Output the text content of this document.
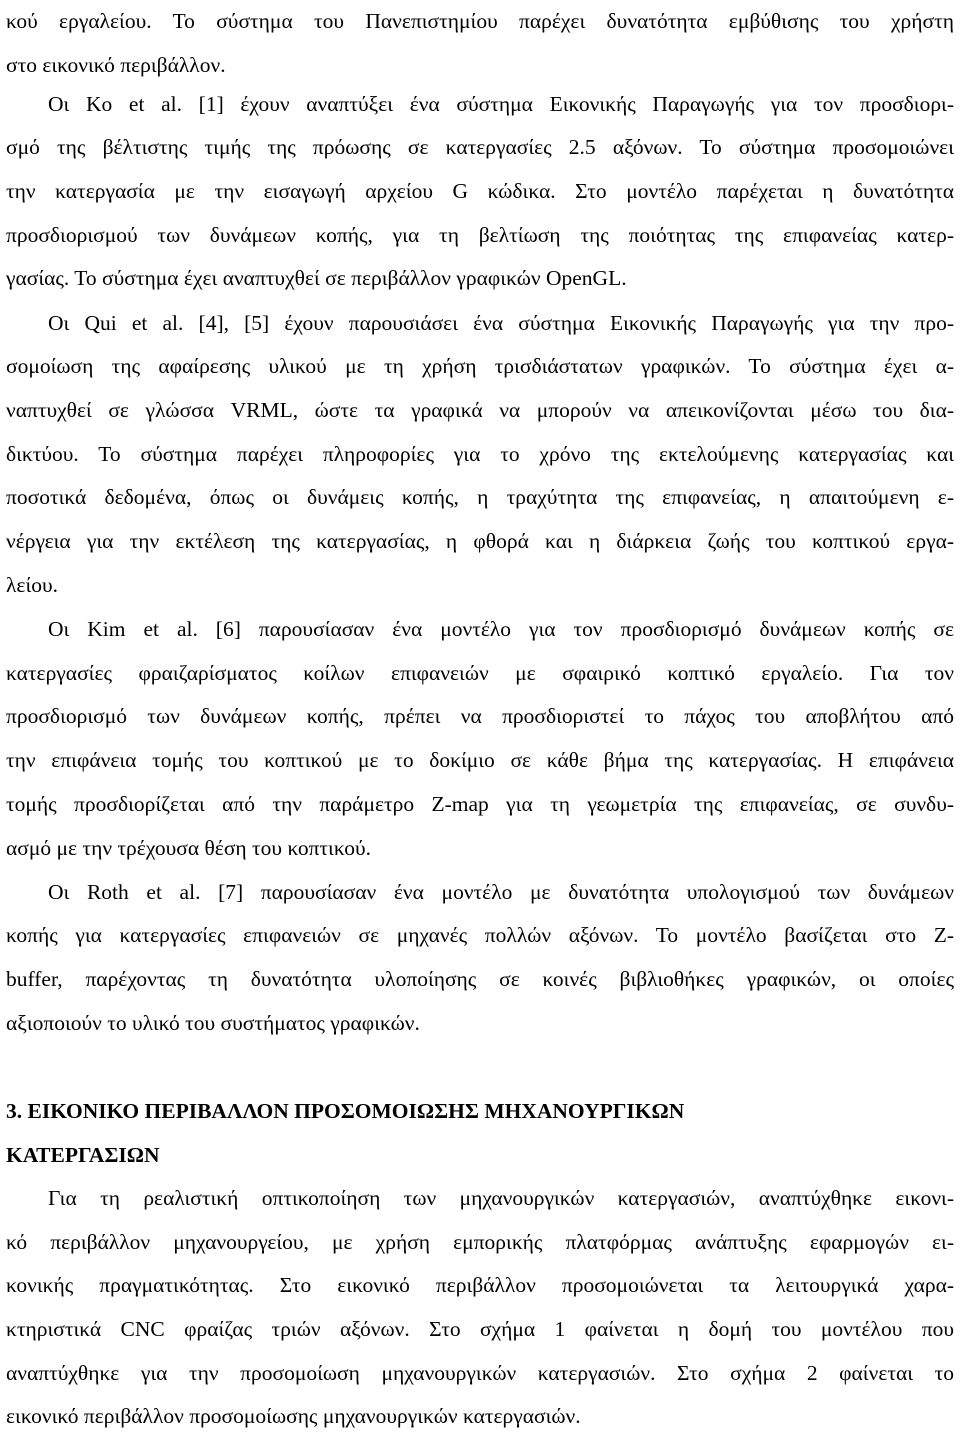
κού εργαλείου. Το σύστημα του Πανεπιστημίου παρέχει δυνατότητα εμβύθισης του χρήστη
στο εικονικό περιβάλλον.
Οι Ko et al. [1] έχουν αναπτύξει ένα σύστημα Εικονικής Παραγωγής για τον προσδιορι-
σμό της βέλτιστης τιμής της πρόωσης σε κατεργασίες 2.5 αξόνων. Το σύστημα προσομοιώνει
την κατεργασία με την εισαγωγή αρχείου G κώδικα. Στο μοντέλο παρέχεται η δυνατότητα
προσδιορισμού των δυνάμεων κοπής, για τη βελτίωση της ποιότητας της επιφανείας κατερ-
γασίας. Το σύστημα έχει αναπτυχθεί σε περιβάλλον γραφικών OpenGL.
Οι Qui et al. [4], [5] έχουν παρουσιάσει ένα σύστημα Εικονικής Παραγωγής για την προ-
σομοίωση της αφαίρεσης υλικού με τη χρήση τρισδιάστατων γραφικών. Το σύστημα έχει α-
ναπτυχθεί σε γλώσσα VRML, ώστε τα γραφικά να μπορούν να απεικονίζονται μέσω του δια-
δικτύου. Το σύστημα παρέχει πληροφορίες για το χρόνο της εκτελούμενης κατεργασίας και
ποσοτικά δεδομένα, όπως οι δυνάμεις κοπής, η τραχύτητα της επιφανείας, η απαιτούμενη ε-
νέργεια για την εκτέλεση της κατεργασίας, η φθορά και η διάρκεια ζωής του κοπτικού εργα-
λείου.
Οι Kim et al. [6] παρουσίασαν ένα μοντέλο για τον προσδιορισμό δυνάμεων κοπής σε
κατεργασίες φραιζαρίσματος κοίλων επιφανειών με σφαιρικό κοπτικό εργαλείο. Για τον
προσδιορισμό των δυνάμεων κοπής, πρέπει να προσδιοριστεί το πάχος του αποβλήτου από
την επιφάνεια τομής του κοπτικού με το δοκίμιο σε κάθε βήμα της κατεργασίας. Η επιφάνεια
τομής προσδιορίζεται από την παράμετρο Z-map για τη γεωμετρία της επιφανείας, σε συνδυ-
ασμό με την τρέχουσα θέση του κοπτικού.
Οι Roth et al. [7] παρουσίασαν ένα μοντέλο με δυνατότητα υπολογισμού των δυνάμεων
κοπής για κατεργασίες επιφανειών σε μηχανές πολλών αξόνων. Το μοντέλο βασίζεται στο Z-
buffer, παρέχοντας τη δυνατότητα υλοποίησης σε κοινές βιβλιοθήκες γραφικών, οι οποίες
αξιοποιούν το υλικό του συστήματος γραφικών.
3. ΕΙΚΟΝΙΚΟ ΠΕΡΙΒΑΛΛΟΝ ΠΡΟΣΟΜΟΙΩΣΗΣ ΜΗΧΑΝΟΥΡΓΙΚΩΝ
ΚΑΤΕΡΓΑΣΙΩΝ
Για τη ρεαλιστική οπτικοποίηση των μηχανουργικών κατεργασιών, αναπτύχθηκε εικονι-
κό περιβάλλον μηχανουργείου, με χρήση εμπορικής πλατφόρμας ανάπτυξης εφαρμογών ει-
κονικής πραγματικότητας. Στο εικονικό περιβάλλον προσομοιώνεται τα λειτουργικά χαρα-
κτηριστικά CNC φραίζας τριών αξόνων. Στο σχήμα 1 φαίνεται η δομή του μοντέλου που
αναπτύχθηκε για την προσομοίωση μηχανουργικών κατεργασιών. Στο σχήμα 2 φαίνεται το
εικονικό περιβάλλον προσομοίωσης μηχανουργικών κατεργασιών.
